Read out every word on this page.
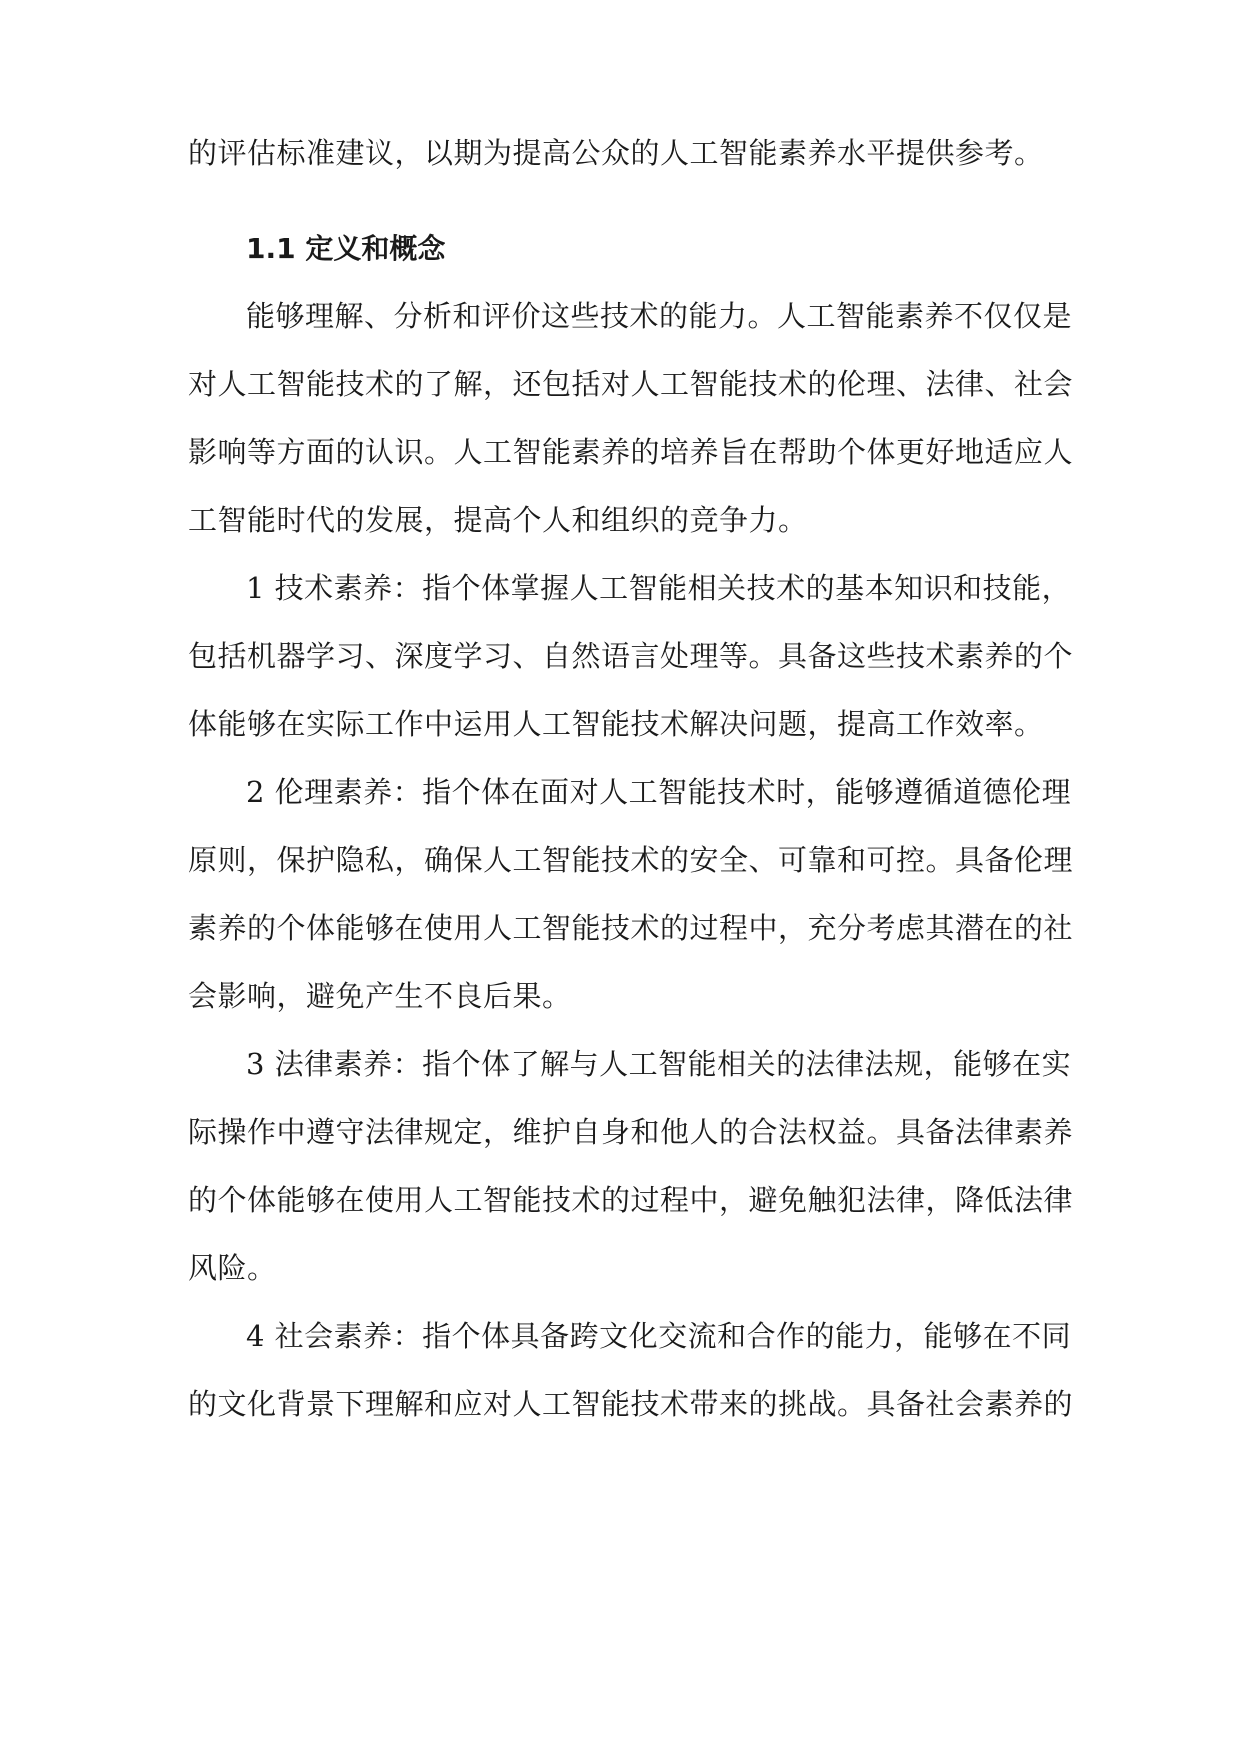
的评估标准建议，以期为提高公众的人工智能素养水平提供参考。
1.1 定义和概念
能够理解、分析和评价这些技术的能力。人工智能素养不仅仅是
对人工智能技术的了解，还包括对人工智能技术的伦理、法律、社会
影响等方面的认识。人工智能素养的培养旨在帮助个体更好地适应人
工智能时代的发展，提高个人和组织的竞争力。
1 技术素养：指个体掌握人工智能相关技术的基本知识和技能，
包括机器学习、深度学习、自然语言处理等。具备这些技术素养的个
体能够在实际工作中运用人工智能技术解决问题，提高工作效率。
2 伦理素养：指个体在面对人工智能技术时，能够遵循道德伦理
原则，保护隐私，确保人工智能技术的安全、可靠和可控。具备伦理
素养的个体能够在使用人工智能技术的过程中，充分考虑其潜在的社
会影响，避免产生不良后果。
3 法律素养：指个体了解与人工智能相关的法律法规，能够在实
际操作中遵守法律规定，维护自身和他人的合法权益。具备法律素养
的个体能够在使用人工智能技术的过程中，避免触犯法律，降低法律
风险。
4 社会素养：指个体具备跨文化交流和合作的能力，能够在不同
的文化背景下理解和应对人工智能技术带来的挑战。具备社会素养的
